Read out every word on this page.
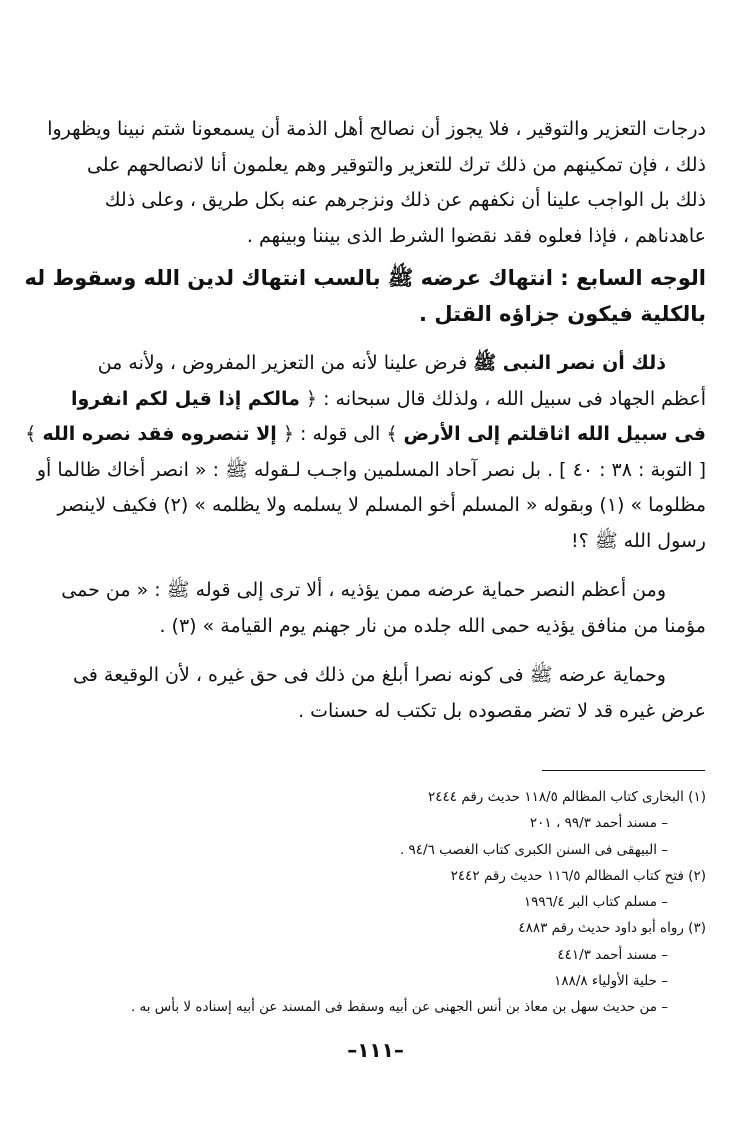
درجات التعزير والتوقير ، فلا يجوز أن نصالح أهل الذمة أن يسمعونا شتم نبينا ويظهروا
ذلك ، فإن تمكينهم من ذلك ترك للتعزير والتوقير وهم يعلمون أنا لانصالحهم على
ذلك بل الواجب علينا أن نكفهم عن ذلك ونزجرهم عنه بكل طريق ، وعلى ذلك
عاهدناهم ، فإذا فعلوه فقد نقضوا الشرط الذى بيننا وبينهم .

الوجه السابع : انتهاك عرضه ﷺ بالسب انتهاك لدين الله وسقوط له
بالكلية فيكون جزاؤه القتل .

ذلك أن نصر النبى ﷺ فرض علينا لأنه من التعزير المفروض ، ولأنه من
أعظم الجهاد فى سبيل الله ، ولذلك قال سبحانه : ﴿ مالكم إذا قيل لكم انفروا
فى سبيل الله اثاقلتم إلى الأرض ﴾ الى قوله : ﴿ إلا تنصروه فقد نصره الله ﴾
[ التوبة : ٣٨ : ٤٠ ] . بل نصر آحاد المسلمين واجـب لـقوله ﷺ : « انصر أخاك ظالما أو
مظلوما » (١) وبقوله « المسلم أخو المسلم لا يسلمه ولا يظلمه » (٢) فكيف لاينصر
رسول الله ﷺ ؟!

ومن أعظم النصر حماية عرضه ممن يؤذيه ، ألا ترى إلى قوله ﷺ : « من حمى
مؤمنا من منافق يؤذيه حمى الله جلده من نار جهنم يوم القيامة » (٣) .

وحماية عرضه ﷺ فى كونه نصرا أبلغ من ذلك فى حق غيره ، لأن الوقيعة فى
عرض غيره قد لا تضر مقصوده بل تكتب له حسنات .

(١) البخارى كتاب المظالم ١١٨/٥ حديث رقم ٢٤٤٤
– مسند أحمد ٩٩/٣ ، ٢٠١
– البيهقى فى السنن الكبرى كتاب الغصب ٩٤/٦ .
(٢) فتح كتاب المظالم ١١٦/٥ حديث رقم ٢٤٤٢
– مسلم كتاب البر ١٩٩٦/٤
(٣) رواه أبو داود حديث رقم ٤٨٨٣
– مسند أحمد ٤٤١/٣
– حلية الأولياء ١٨٨/٨
– من حديث سهل بن معاذ بن أنس الجهنى عن أبيه وسقط فى المسند عن أبيه إسناده لا بأس به .
–١١١–
